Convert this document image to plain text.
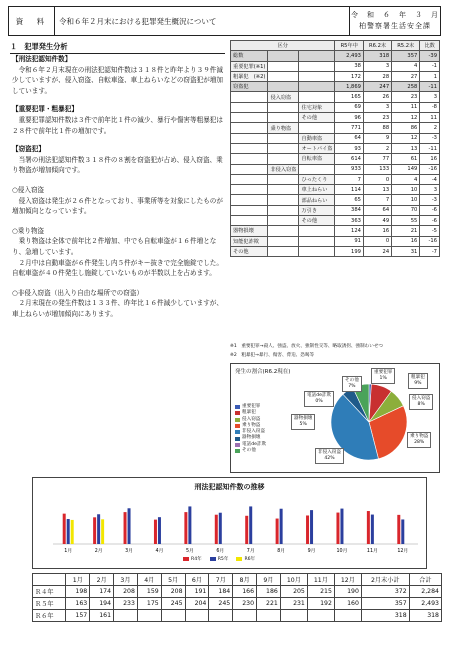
資　料	令和６年２月末における犯罪発生概況について
令　和　６　年　３　月
柏警察署生活安全課
１　犯罪発生分析

【刑法犯認知件数】

令和６年２月末現在の刑法犯認知件数は３１８件と昨年より３９件減少していますが、侵入窃盗、自転車盗、車上ねらいなどの窃盗犯が増加しています。

【重要犯罪・粗暴犯】

重要犯罪認知件数は３件で前年比１件の減少、暴行や傷害等粗暴犯は２８件で前年比１件の増加です。

【窃盗犯】

当署の刑法犯認知件数３１８件の８割を窃盗犯が占め、侵入窃盗、乗り物盗が増加傾向です。

○侵入窃盗

侵入窃盗は発生が２６件となっており、事業所等を対象にしたものが増加傾向となっています。

○乗り物盗

乗り物盗は全体で前年比２件増加、中でも自転車盗が１６件増となり、急増しています。

２月中は自動車盗が６件発生し内５件がキー抜きで完全施錠でした。自転車盗が４０件発生し施錠していないものが半数以上を占めます。

○非侵入窃盗（出入り自由な場所での窃盗）

２月末現在の発生件数は１３３件、昨年比１６件減少していますが、車上ねらいが増加傾向にあります。

区分			R5年中	R6.2末	R5.2末	比数
総数			2,493	318	357	-39
重要犯罪(※1)			38	3	4	-1
粗暴犯　(※2)			172	28	27	1
窃盗犯			1,869	247	258	-11
	侵入窃盗		165	26	23	3
		住宅対象	69	3	11	-8
		その他	96	23	12	11
	乗り物盗		771	88	86	2
		自動車盗	64	9	12	-3
		オートバイ盗	93	2	13	-11
		自転車盗	614	77	61	16
	非侵入窃盗		933	133	149	-16
		ひったくり	7	0	4	-4
		車上ねらい	114	13	10	3
		部品ねらい	65	7	10	-3
		万引き	384	64	70	-6
		その他	363	49	55	-6
器物損壊			124	16	21	-5
知能犯詐欺			91	0	16	-16
その他			199	24	31	-7
※1　重要犯罪→殺人、強盗、放火、強制性交等、略取誘拐、強制わいせつ
※2　粗暴犯→暴行、傷害、脅迫、恐喝等
発生の割合(R6.2現在)
重要犯罪
粗暴犯
侵入窃盗
乗り物盗
非侵入窃盗
器物損壊
電話de詐欺
その他
重要犯罪
1%	粗暴犯
9%
侵入窃盗
8%
乗り物盗
28%
非侵入窃盗
42%
器物損壊
5%
電話de詐欺
0%
その他
7%
刑法犯認知件数の推移
1月	2月	3月	4月	5月	6月	7月	8月	9月	10月	11月	12月
R4年	R5年	R6年
	1月	2月	3月	4月	5月	6月	7月	8月	9月	10月	11月	12月	2月末小計	合計
Ｒ４年	198	174	208	159	208	191	184	166	186	205	215	190	372	2,284
Ｒ５年	163	194	233	175	245	204	245	230	221	231	192	160	357	2,493
Ｒ６年	157	161											318	318
